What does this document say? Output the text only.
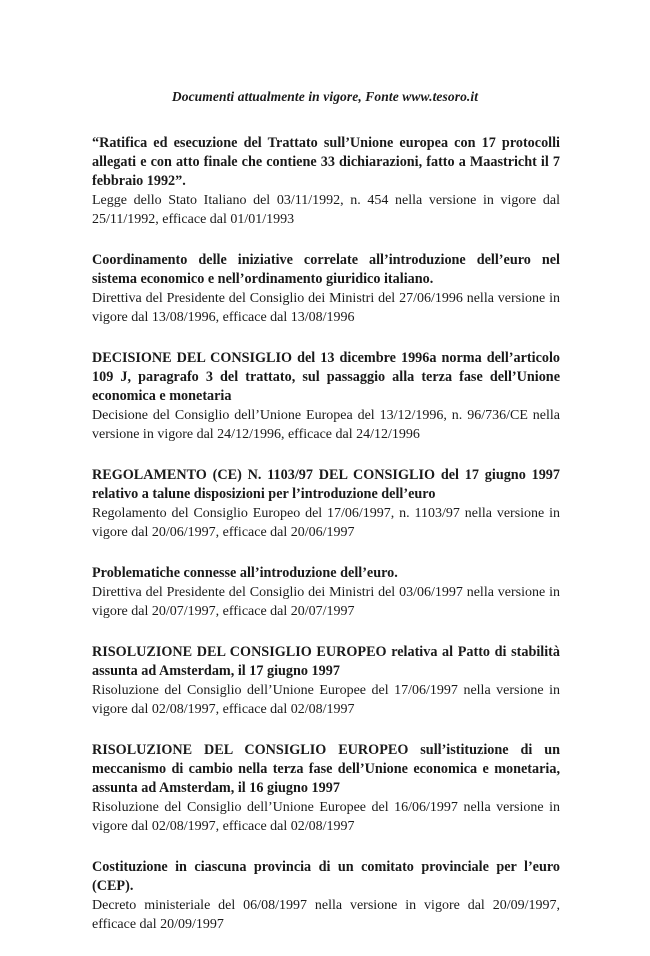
Documenti attualmente in vigore, Fonte www.tesoro.it

“Ratifica ed esecuzione del Trattato sull’Unione europea con 17 protocolli allegati e con atto finale che contiene 33 dichiarazioni, fatto a Maastricht il 7 febbraio 1992”.

Legge dello Stato Italiano del 03/11/1992, n. 454 nella versione in vigore dal 25/11/1992, efficace dal 01/01/1993

Coordinamento delle iniziative correlate all’introduzione dell’euro nel sistema economico e nell’ordinamento giuridico italiano.

Direttiva del Presidente del Consiglio dei Ministri del 27/06/1996 nella versione in vigore dal 13/08/1996, efficace dal 13/08/1996

DECISIONE DEL CONSIGLIO del 13 dicembre 1996a norma dell’articolo 109 J, paragrafo 3 del trattato, sul passaggio alla terza fase dell’Unione economica e monetaria

Decisione del Consiglio dell’Unione Europea del 13/12/1996, n. 96/736/CE nella versione in vigore dal 24/12/1996, efficace dal 24/12/1996

REGOLAMENTO (CE) N. 1103/97 DEL CONSIGLIO del 17 giugno 1997 relativo a talune disposizioni per l’introduzione dell’euro

Regolamento del Consiglio Europeo del 17/06/1997, n. 1103/97 nella versione in vigore dal 20/06/1997, efficace dal 20/06/1997

Problematiche connesse all’introduzione dell’euro.

Direttiva del Presidente del Consiglio dei Ministri del 03/06/1997 nella versione in vigore dal 20/07/1997, efficace dal 20/07/1997

RISOLUZIONE DEL CONSIGLIO EUROPEO relativa al Patto di stabilità assunta ad Amsterdam, il 17 giugno 1997

Risoluzione del Consiglio dell’Unione Europee del 17/06/1997 nella versione in vigore dal 02/08/1997, efficace dal 02/08/1997

RISOLUZIONE DEL CONSIGLIO EUROPEO sull’istituzione di un meccanismo di cambio nella terza fase dell’Unione economica e monetaria, assunta ad Amsterdam, il 16 giugno 1997

Risoluzione del Consiglio dell’Unione Europee del 16/06/1997 nella versione in vigore dal 02/08/1997, efficace dal 02/08/1997

Costituzione in ciascuna provincia di un comitato provinciale per l’euro (CEP).

Decreto ministeriale del 06/08/1997 nella versione in vigore dal 20/09/1997, efficace dal 20/09/1997
